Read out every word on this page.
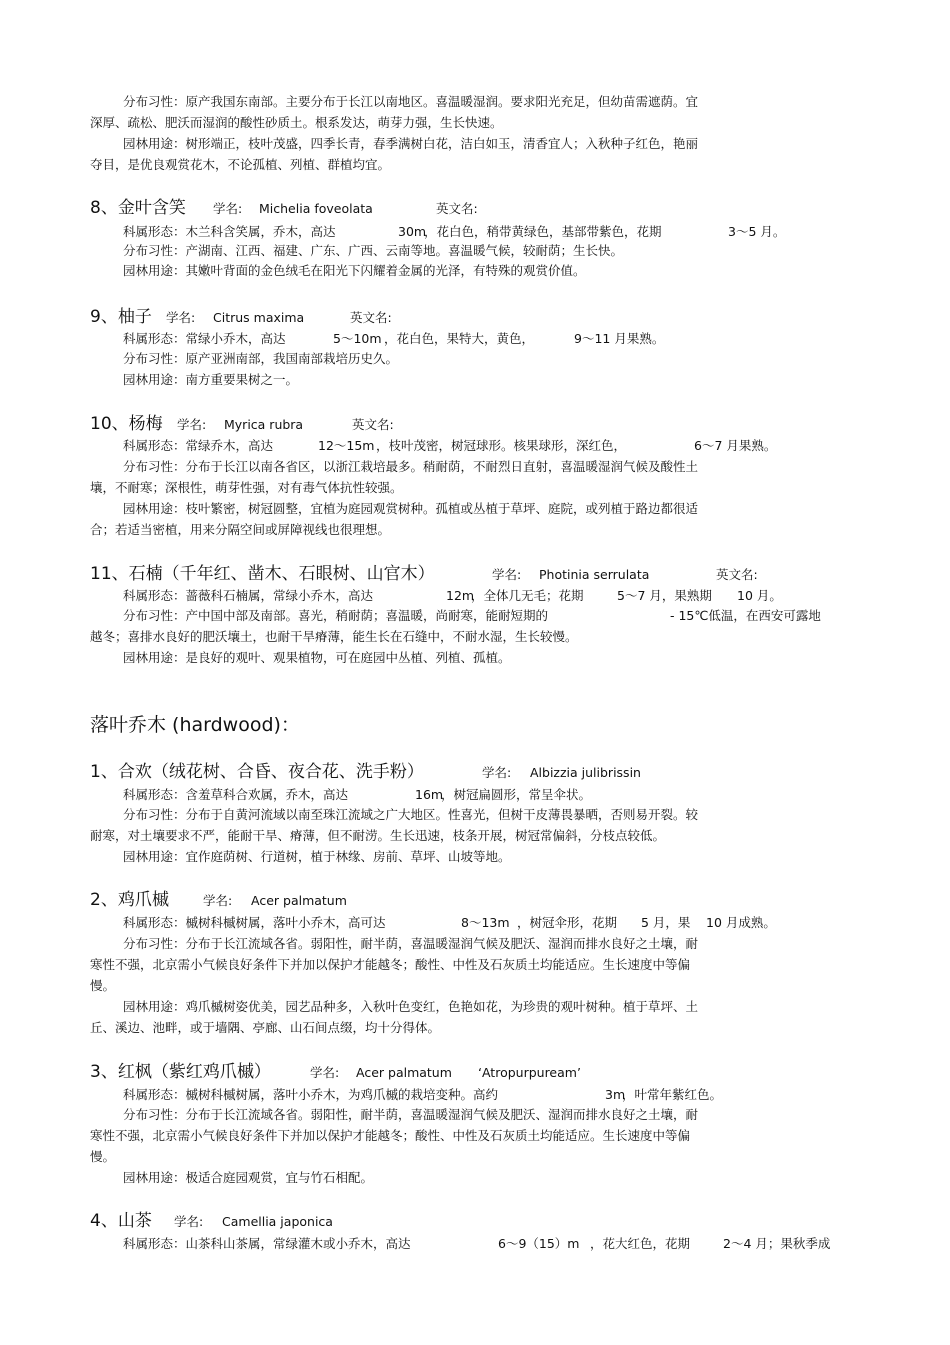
分布习性：原产我国东南部。主要分布于长江以南地区。喜温暖湿润。要求阳光充足，但幼苗需遮荫。宜
深厚、疏松、肥沃而湿润的酸性砂质土。根系发达，萌芽力强，生长快速。
园林用途：树形端正，枝叶茂盛，四季长青，春季满树白花，洁白如玉，清香宜人；入秋种子红色，艳丽
夺目，是优良观赏花木，不论孤植、列植、群植均宜。
8、金叶含笑 学名: Michelia foveolata	英文名:
科属形态：木兰科含笑属，乔木，高达	30m
，花白色，稍带黄绿色，基部带紫色，花期	3～5 月。
分布习性：产湖南、江西、福建、广东、广西、云南等地。喜温暖气候，较耐荫；生长快。
园林用途：其嫩叶背面的金色绒毛在阳光下闪耀着金属的光泽，有特殊的观赏价值。
9、柚子 学名: Citrus maxima	英文名:
科属形态：常绿小乔木，高达	5～10m ，花白色，果特大，黄色，	9～11 月果熟。
分布习性：原产亚洲南部，我国南部栽培历史久。
园林用途：南方重要果树之一。
10、杨梅 学名: Myrica rubra	英文名:
科属形态：常绿乔木，高达	12～15m ，枝叶茂密，树冠球形。核果球形，深红色，	6～7 月果熟。
分布习性：分布于长江以南各省区，以浙江栽培最多。稍耐荫，不耐烈日直射，喜温暖湿润气候及酸性土
壤，不耐寒；深根性，萌芽性强，对有毒气体抗性较强。
园林用途：枝叶繁密，树冠圆整，宜植为庭园观赏树种。孤植或丛植于草坪、庭院，或列植于路边都很适
合；若适当密植，用来分隔空间或屏障视线也很理想。
11、石楠（千年红、凿木、石眼树、山官木）	学名: Photinia serrulata	英文名:
科属形态：蔷薇科石楠属，常绿小乔木，高达	12m
，全体几无毛；花期	5～7 月，果熟期 10 月。
分布习性：产中国中部及南部。喜光，稍耐荫；喜温暖，尚耐寒，能耐短期的	- 15℃低温，在西安可露地
越冬；喜排水良好的肥沃壤土，也耐干旱瘠薄，能生长在石缝中，不耐水湿，生长较慢。
园林用途：是良好的观叶、观果植物，可在庭园中丛植、列植、孤植。
落叶乔木 (hardwood)：
1、合欢（绒花树、合昏、夜合花、洗手粉）	学名: Albizzia julibrissin
科属形态：含羞草科合欢属，乔木，高达	16m
，树冠扁圆形，常呈伞状。
分布习性：分布于自黄河流域以南至珠江流域之广大地区。性喜光，但树干皮薄畏暴晒，否则易开裂。较
耐寒，对土壤要求不严，能耐干旱、瘠薄，但不耐涝。生长迅速，枝条开展，树冠常偏斜，分枝点较低。
园林用途：宜作庭荫树、行道树，植于林缘、房前、草坪、山坡等地。
2、鸡爪槭	学名: Acer palmatum
科属形态：槭树科槭树属，落叶小乔木，高可达	8～13m ，树冠伞形，花期 5 月，果 10 月成熟。
分布习性：分布于长江流域各省。弱阳性，耐半荫，喜温暖湿润气候及肥沃、湿润而排水良好之土壤，耐
寒性不强，北京需小气候良好条件下并加以保护才能越冬；酸性、中性及石灰质土均能适应。生长速度中等偏
慢。
园林用途：鸡爪槭树姿优美，园艺品种多，入秋叶色变红，色艳如花，为珍贵的观叶树种。植于草坪、土
丘、溪边、池畔，或于墙隅、亭廊、山石间点缀，均十分得体。
3、红枫（紫红鸡爪槭）	学名: Acer palmatum ‘Atropurpuream’
科属形态：槭树科槭树属，落叶小乔木，为鸡爪槭的栽培变种。高约	3m
，叶常年紫红色。
分布习性：分布于长江流域各省。弱阳性，耐半荫，喜温暖湿润气候及肥沃、湿润而排水良好之土壤，耐
寒性不强，北京需小气候良好条件下并加以保护才能越冬；酸性、中性及石灰质土均能适应。生长速度中等偏
慢。
园林用途：极适合庭园观赏，宜与竹石相配。
4、山茶 学名: Camellia japonica
科属形态：山茶科山茶属，常绿灌木或小乔木，高达	6～9（15）m ，花大红色，花期	2～4 月；果秋季成
